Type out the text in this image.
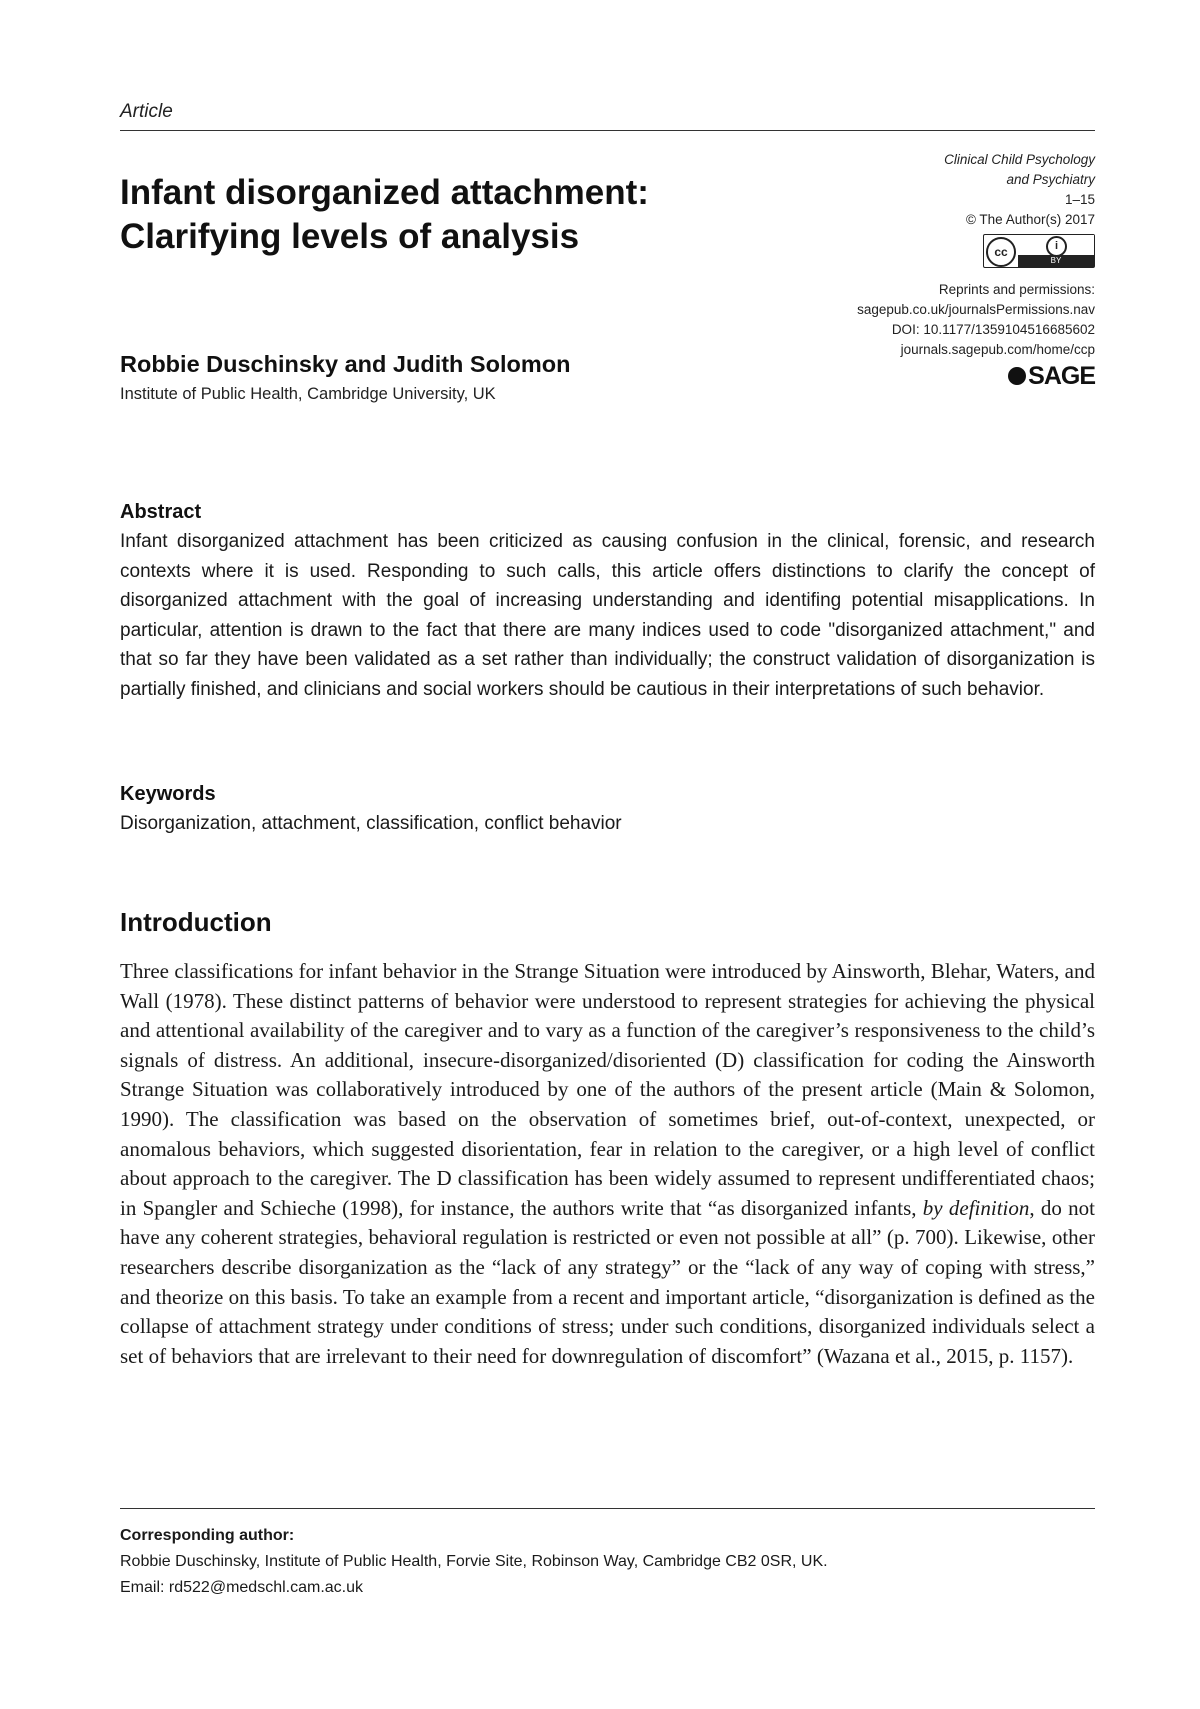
Article
Infant disorganized attachment:
Clarifying levels of analysis
Clinical Child Psychology
and Psychiatry
1–15
© The Author(s) 2017
cc	i
BY
Reprints and permissions:
sagepub.co.uk/journalsPermissions.nav
DOI: 10.1177/1359104516685602
journals.sagepub.com/home/ccp
SAGE
Robbie Duschinsky and Judith Solomon
Institute of Public Health, Cambridge University, UK
Abstract
Infant disorganized attachment has been criticized as causing confusion in the clinical, forensic, and research contexts where it is used. Responding to such calls, this article offers distinctions to clarify the concept of disorganized attachment with the goal of increasing understanding and identifing potential misapplications. In particular, attention is drawn to the fact that there are many indices used to code "disorganized attachment," and that so far they have been validated as a set rather than individually; the construct validation of disorganization is partially finished, and clinicians and social workers should be cautious in their interpretations of such behavior.
Keywords
Disorganization, attachment, classification, conflict behavior
Introduction
Three classifications for infant behavior in the Strange Situation were introduced by Ainsworth, Blehar, Waters, and Wall (1978). These distinct patterns of behavior were understood to represent strategies for achieving the physical and attentional availability of the caregiver and to vary as a function of the caregiver’s responsiveness to the child’s signals of distress. An additional, insecure-disorganized/disoriented (D) classification for coding the Ainsworth Strange Situation was collaboratively introduced by one of the authors of the present article (Main & Solomon, 1990). The classification was based on the observation of sometimes brief, out-of-context, unexpected, or anomalous behaviors, which suggested disorientation, fear in relation to the caregiver, or a high level of conflict about approach to the caregiver. The D classification has been widely assumed to represent undifferentiated chaos; in Spangler and Schieche (1998), for instance, the authors write that “as disorganized infants, by definition, do not have any coherent strategies, behavioral regulation is restricted or even not possible at all” (p. 700). Likewise, other researchers describe disorganization as the “lack of any strategy” or the “lack of any way of coping with stress,” and theorize on this basis. To take an example from a recent and important article, “disorganization is defined as the collapse of attachment strategy under conditions of stress; under such conditions, disorganized individuals select a set of behaviors that are irrelevant to their need for downregulation of discomfort” (Wazana et al., 2015, p. 1157).
Corresponding author:
Robbie Duschinsky, Institute of Public Health, Forvie Site, Robinson Way, Cambridge CB2 0SR, UK.
Email: rd522@medschl.cam.ac.uk
